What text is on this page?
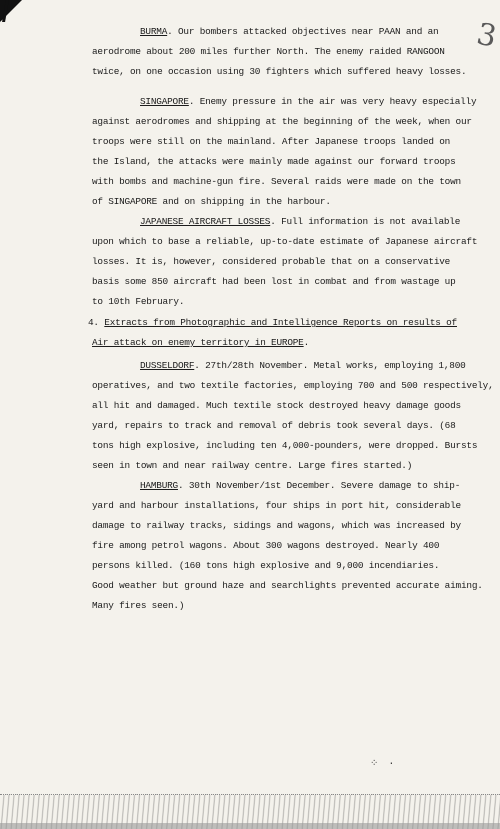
3

BURMA. Our bombers attacked objectives near PAAN and an

aerodrome about 200 miles further North. The enemy raided RANGOON

twice, on one occasion using 30 fighters which suffered heavy losses.

SINGAPORE. Enemy pressure in the air was very heavy especially

against aerodromes and shipping at the beginning of the week, when our

troops were still on the mainland. After Japanese troops landed on

the Island, the attacks were mainly made against our forward troops

with bombs and machine-gun fire. Several raids were made on the town

of SINGAPORE and on shipping in the harbour.

JAPANESE AIRCRAFT LOSSES. Full information is not available

upon which to base a reliable, up-to-date estimate of Japanese aircraft

losses. It is, however, considered probable that on a conservative

basis some 850 aircraft had been lost in combat and from wastage up

to 10th February.

4. Extracts from Photographic and Intelligence Reports on results of

Air attack on enemy territory in EUROPE.

DUSSELDORF. 27th/28th November. Metal works, employing 1,800

operatives, and two textile factories, employing 700 and 500 respectively,

all hit and damaged. Much textile stock destroyed heavy damage goods

yard, repairs to track and removal of debris took several days. (68

tons high explosive, including ten 4,000-pounders, were dropped. Bursts

seen in town and near railway centre. Large fires started.)

HAMBURG. 30th November/1st December. Severe damage to ship-

yard and harbour installations, four ships in port hit, considerable

damage to railway tracks, sidings and wagons, which was increased by

fire among petrol wagons. About 300 wagons destroyed. Nearly 400

persons killed. (160 tons high explosive and 9,000 incendiaries.

Good weather but ground haze and searchlights prevented accurate aiming.

Many fires seen.)

⁘ ·
